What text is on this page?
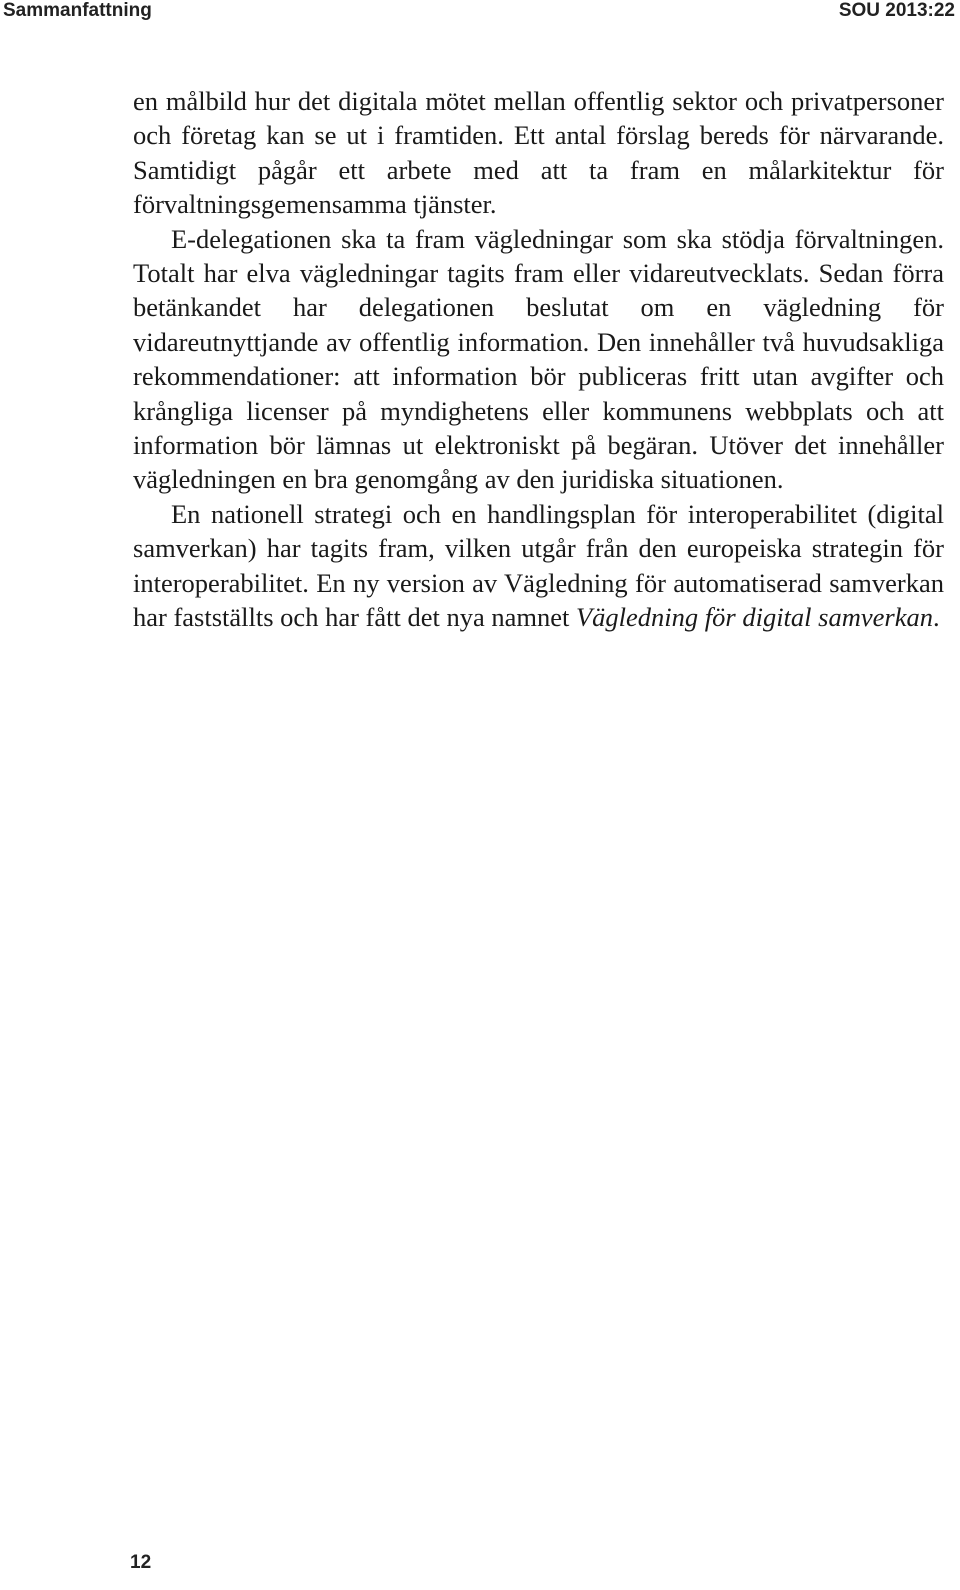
Sammanfattning	SOU 2013:22

en målbild hur det digitala mötet mellan offentlig sektor och privatpersoner och företag kan se ut i framtiden. Ett antal förslag bereds för närvarande. Samtidigt pågår ett arbete med att ta fram en målarkitektur för förvaltningsgemensamma tjänster.

E-delegationen ska ta fram vägledningar som ska stödja förvaltningen. Totalt har elva vägledningar tagits fram eller vidareutvecklats. Sedan förra betänkandet har delegationen beslutat om en vägledning för vidareutnyttjande av offentlig information. Den innehåller två huvudsakliga rekommendationer: att information bör publiceras fritt utan avgifter och krångliga licenser på myndighetens eller kommunens webbplats och att information bör lämnas ut elektroniskt på begäran. Utöver det innehåller vägledningen en bra genomgång av den juridiska situationen.

En nationell strategi och en handlingsplan för interoperabilitet (digital samverkan) har tagits fram, vilken utgår från den europeiska strategin för interoperabilitet. En ny version av Vägledning för automatiserad samverkan har fastställts och har fått det nya namnet Vägledning för digital samverkan.

12
